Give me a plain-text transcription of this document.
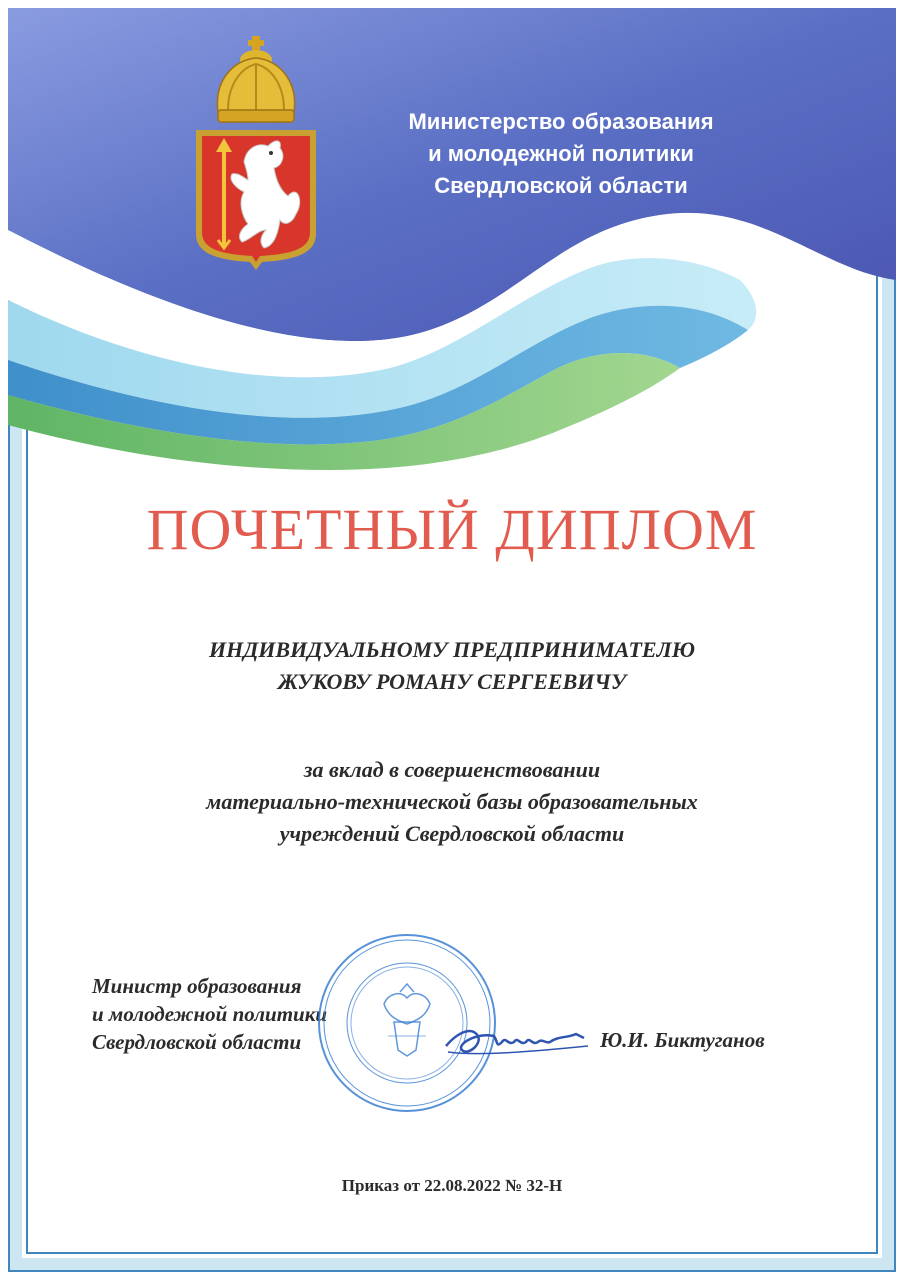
Министерство образования
и молодежной политики
Свердловской области
ПОЧЕТНЫЙ ДИПЛОМ
ИНДИВИДУАЛЬНОМУ ПРЕДПРИНИМАТЕЛЮ
ЖУКОВУ РОМАНУ СЕРГЕЕВИЧУ
за вклад в совершенствовании
материально-технической базы образовательных
учреждений Свердловской области
Министр образования
и молодежной политики
Свердловской области	Ю.И. Биктуганов
Приказ от 22.08.2022 № 32-Н
